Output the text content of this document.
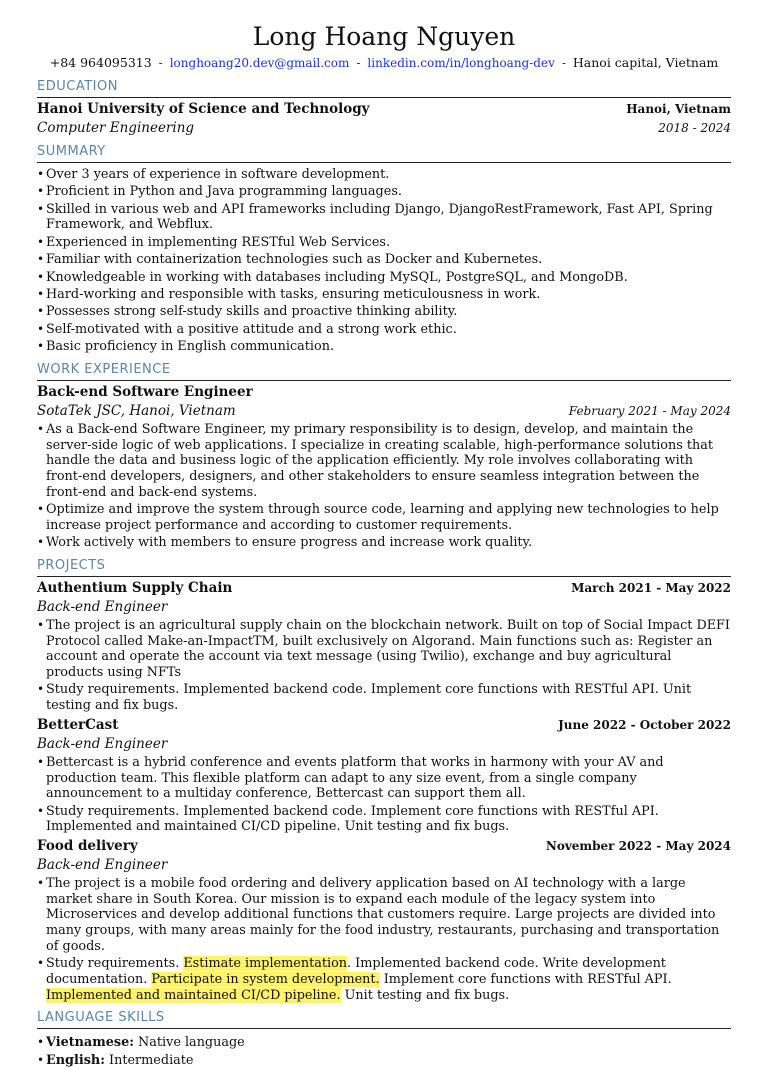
Long Hoang Nguyen
+84 964095313 - longhoang20.dev@gmail.com - linkedin.com/in/longhoang-dev - Hanoi capital, Vietnam
EDUCATION
Hanoi University of Science and Technology	Hanoi, Vietnam
Computer Engineering	2018 - 2024
SUMMARY
• Over 3 years of experience in software development.
• Proficient in Python and Java programming languages.
• Skilled in various web and API frameworks including Django, DjangoRestFramework, Fast API, Spring Framework, and Webflux.
• Experienced in implementing RESTful Web Services.
• Familiar with containerization technologies such as Docker and Kubernetes.
• Knowledgeable in working with databases including MySQL, PostgreSQL, and MongoDB.
• Hard-working and responsible with tasks, ensuring meticulousness in work.
• Possesses strong self-study skills and proactive thinking ability.
• Self-motivated with a positive attitude and a strong work ethic.
• Basic proficiency in English communication.
WORK EXPERIENCE
Back-end Software Engineer
SotaTek JSC, Hanoi, Vietnam	February 2021 - May 2024
• As a Back-end Software Engineer, my primary responsibility is to design, develop, and maintain the server-side logic of web applications. I specialize in creating scalable, high-performance solutions that handle the data and business logic of the application efficiently. My role involves collaborating with front-end developers, designers, and other stakeholders to ensure seamless integration between the front-end and back-end systems.
• Optimize and improve the system through source code, learning and applying new technologies to help increase project performance and according to customer requirements.
• Work actively with members to ensure progress and increase work quality.
PROJECTS
Authentium Supply Chain	March 2021 - May 2022
Back-end Engineer
• The project is an agricultural supply chain on the blockchain network. Built on top of Social Impact DEFI Protocol called Make-an-ImpactTM, built exclusively on Algorand. Main functions such as: Register an account and operate the account via text message (using Twilio), exchange and buy agricultural products using NFTs
• Study requirements. Implemented backend code. Implement core functions with RESTful API. Unit testing and fix bugs.
BetterCast	June 2022 - October 2022
Back-end Engineer
• Bettercast is a hybrid conference and events platform that works in harmony with your AV and production team. This flexible platform can adapt to any size event, from a single company announcement to a multiday conference, Bettercast can support them all.
• Study requirements. Implemented backend code. Implement core functions with RESTful API. Implemented and maintained CI/CD pipeline. Unit testing and fix bugs.
Food delivery	November 2022 - May 2024
Back-end Engineer
• The project is a mobile food ordering and delivery application based on AI technology with a large market share in South Korea. Our mission is to expand each module of the legacy system into Microservices and develop additional functions that customers require. Large projects are divided into many groups, with many areas mainly for the food industry, restaurants, purchasing and transportation of goods.
• Study requirements. Estimate implementation. Implemented backend code. Write development documentation. Participate in system development. Implement core functions with RESTful API. Implemented and maintained CI/CD pipeline. Unit testing and fix bugs.
LANGUAGE SKILLS
• Vietnamese: Native language
• English: Intermediate
